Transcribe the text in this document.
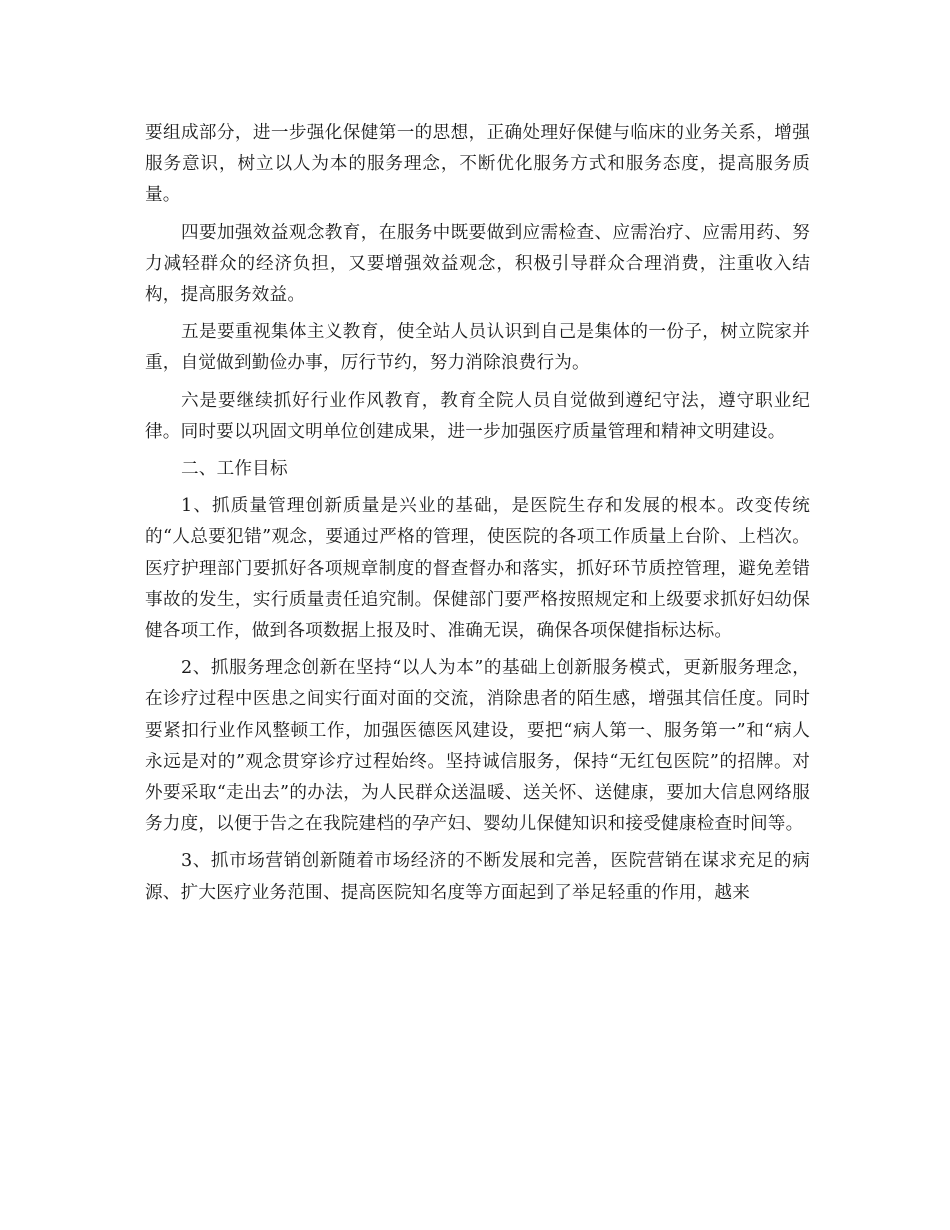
要组成部分，进一步强化保健第一的思想，正确处理好保健与临床的业务关系，增强服务意识，树立以人为本的服务理念，不断优化服务方式和服务态度，提高服务质量。

四要加强效益观念教育，在服务中既要做到应需检查、应需治疗、应需用药、努力减轻群众的经济负担，又要增强效益观念，积极引导群众合理消费，注重收入结构，提高服务效益。

五是要重视集体主义教育，使全站人员认识到自己是集体的一份子，树立院家并重，自觉做到勤俭办事，厉行节约，努力消除浪费行为。

六是要继续抓好行业作风教育，教育全院人员自觉做到遵纪守法，遵守职业纪律。同时要以巩固文明单位创建成果，进一步加强医疗质量管理和精神文明建设。

二、工作目标

1、抓质量管理创新质量是兴业的基础，是医院生存和发展的根本。改变传统的“人总要犯错”观念，要通过严格的管理，使医院的各项工作质量上台阶、上档次。医疗护理部门要抓好各项规章制度的督查督办和落实，抓好环节质控管理，避免差错事故的发生，实行质量责任追究制。保健部门要严格按照规定和上级要求抓好妇幼保健各项工作，做到各项数据上报及时、准确无误，确保各项保健指标达标。

2、抓服务理念创新在坚持“以人为本”的基础上创新服务模式，更新服务理念，在诊疗过程中医患之间实行面对面的交流，消除患者的陌生感，增强其信任度。同时要紧扣行业作风整顿工作，加强医德医风建设，要把“病人第一、服务第一”和“病人永远是对的”观念贯穿诊疗过程始终。坚持诚信服务，保持“无红包医院”的招牌。对外要采取“走出去”的办法，为人民群众送温暖、送关怀、送健康，要加大信息网络服务力度，以便于告之在我院建档的孕产妇、婴幼儿保健知识和接受健康检查时间等。

3、抓市场营销创新随着市场经济的不断发展和完善，医院营销在谋求充足的病源、扩大医疗业务范围、提高医院知名度等方面起到了举足轻重的作用，越来
